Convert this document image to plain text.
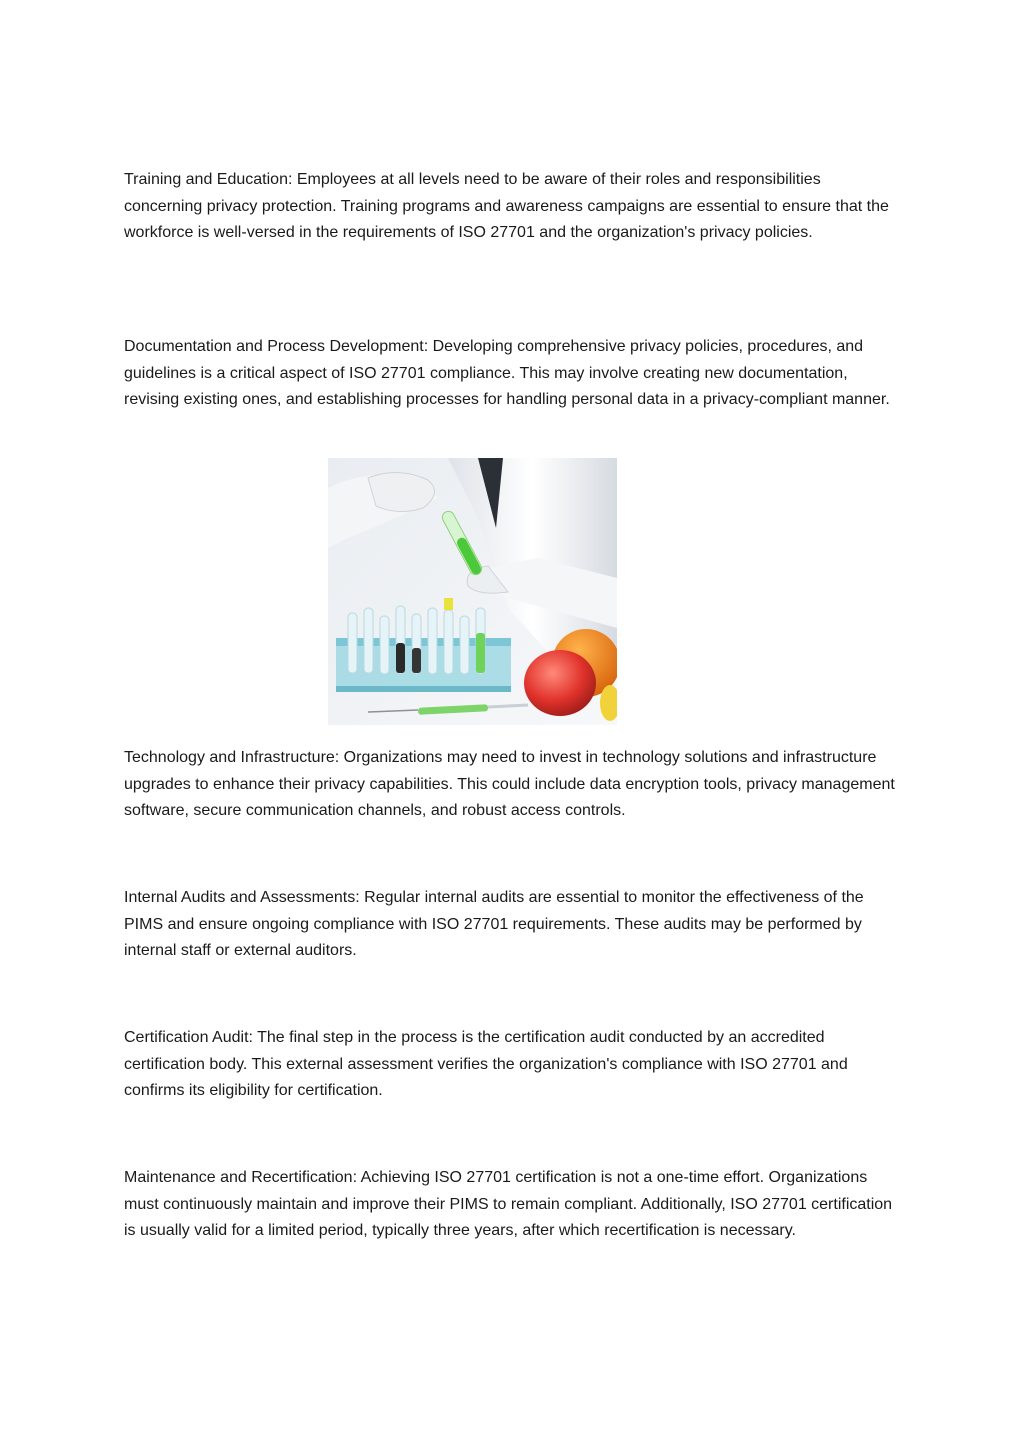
Training and Education: Employees at all levels need to be aware of their roles and responsibilities concerning privacy protection. Training programs and awareness campaigns are essential to ensure that the workforce is well-versed in the requirements of ISO 27701 and the organization's privacy policies.

Documentation and Process Development: Developing comprehensive privacy policies, procedures, and guidelines is a critical aspect of ISO 27701 compliance. This may involve creating new documentation, revising existing ones, and establishing processes for handling personal data in a privacy-compliant manner.

Technology and Infrastructure: Organizations may need to invest in technology solutions and infrastructure upgrades to enhance their privacy capabilities. This could include data encryption tools, privacy management software, secure communication channels, and robust access controls.

Internal Audits and Assessments: Regular internal audits are essential to monitor the effectiveness of the PIMS and ensure ongoing compliance with ISO 27701 requirements. These audits may be performed by internal staff or external auditors.

Certification Audit: The final step in the process is the certification audit conducted by an accredited certification body. This external assessment verifies the organization's compliance with ISO 27701 and confirms its eligibility for certification.

Maintenance and Recertification: Achieving ISO 27701 certification is not a one-time effort. Organizations must continuously maintain and improve their PIMS to remain compliant. Additionally, ISO 27701 certification is usually valid for a limited period, typically three years, after which recertification is necessary.
